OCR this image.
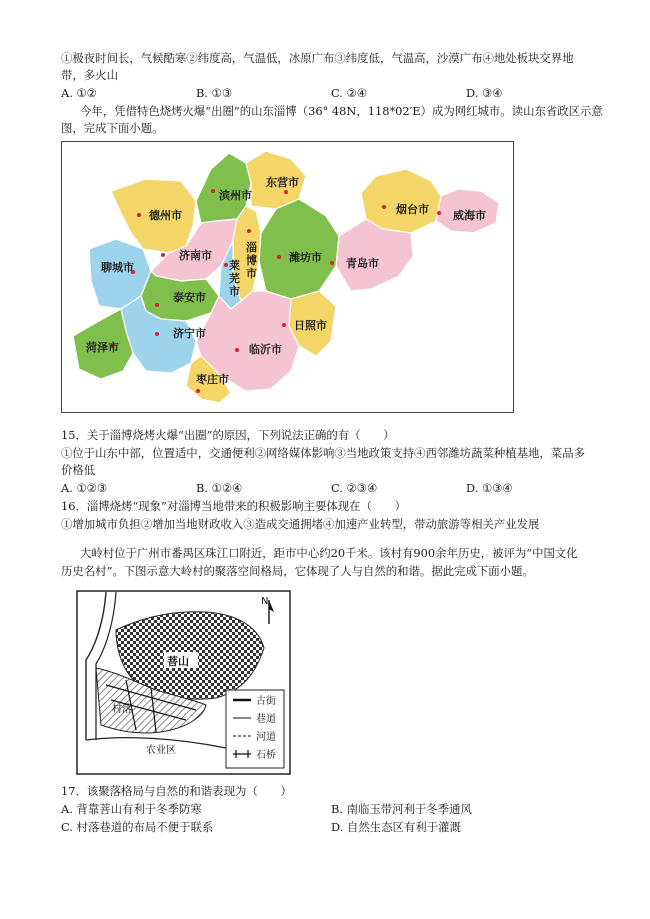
①极夜时间长，气候酷寒②纬度高，气温低，冰原广布③纬度低，气温高，沙漠广布④地处板块交界地
带，多火山
A. ①②	B. ①③	C. ②④	D. ③④
今年，凭借特色烧烤火爆“出圈”的山东淄博（36° 48N，118*02′E）成为网红城市。读山东省政区示意
图，完成下面小题。
德州市
滨州市
东营市
烟台市 威海市
聊城市
济南市
淄博市
莱芜市
潍坊市 青岛市
泰安市
日照市
济宁市
菏泽市	临沂市
枣庄市
15．关于淄博烧烤火爆“出圈”的原因，下列说法正确的有（　　）
①位于山东中部，位置适中，交通便利②网络媒体影响③当地政策支持④西邻潍坊蔬菜种植基地，菜品多
价格低
A. ①②③	B. ①②④	C. ②③④	D. ①③④
16．淄博烧烤“现象”对淄博当地带来的积极影响主要体现在（　　）
①增加城市负担②增加当地财政收入③造成交通拥堵④加速产业转型，带动旅游等相关产业发展
大岭村位于广州市番禺区珠江口附近，距市中心约20千米。该村有900余年历史，被评为“中国文化
历史名村”。下图示意大岭村的聚落空间格局，它体现了人与自然的和谐。据此完成下面小题。
菩山
村落
农业区
N
古街
巷道
河道
石桥
17．该聚落格局与自然的和谐表现为（　　）
A. 背靠菩山有利于冬季防寒	B. 南临玉带河利于冬季通风
C. 村落巷道的布局不便于联系	D. 自然生态区有利于灌溉
